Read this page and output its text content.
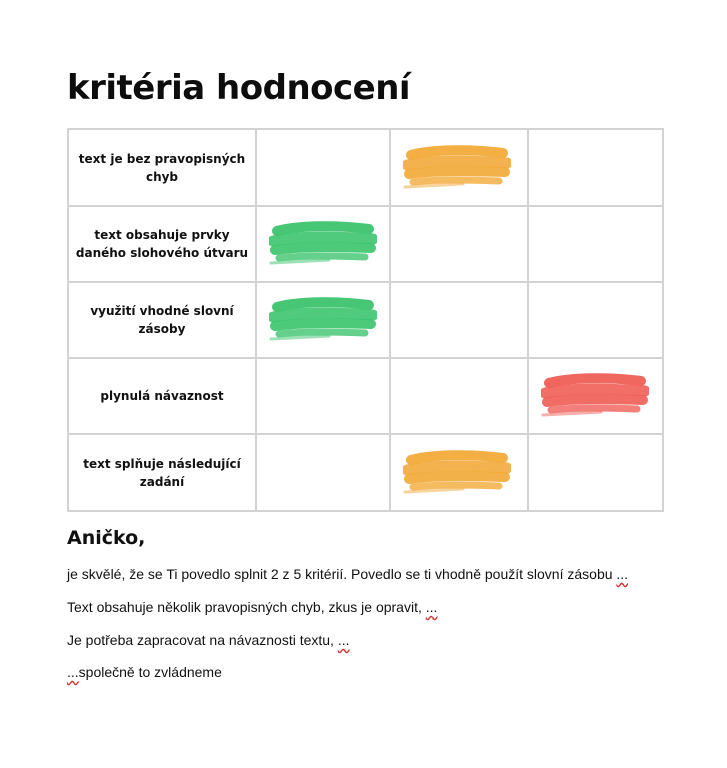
kritéria hodnocení
text je bez pravopisných
chyb

text obsahuje prvky
daného slohového útvaru

využití vhodné slovní
zásoby

plynulá návaznost

text splňuje následující
zadání

Aničko,

je skvělé, že se Ti povedlo splnit 2 z 5 kritérií. Povedlo se ti vhodně použít slovní zásobu ...

Text obsahuje několik pravopisných chyb, zkus je opravit, ...

Je potřeba zapracovat na návaznosti textu, ...

...společně to zvládneme
